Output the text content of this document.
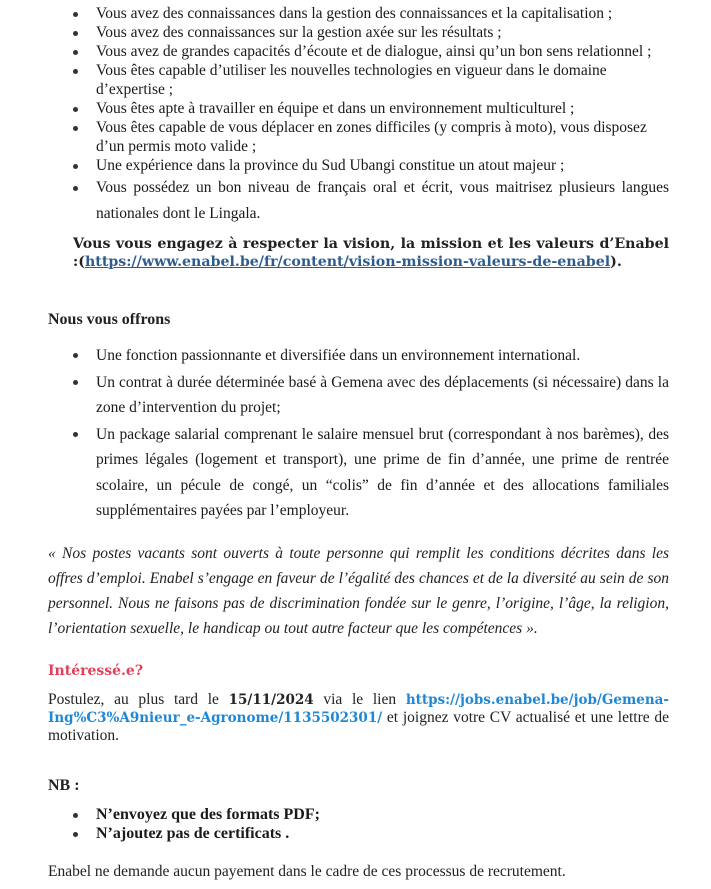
Vous avez des connaissances dans la gestion des connaissances et la capitalisation ;
Vous avez des connaissances sur la gestion axée sur les résultats ;
Vous avez de grandes capacités d’écoute et de dialogue, ainsi qu’un bon sens relationnel ;
Vous êtes capable d’utiliser les nouvelles technologies en vigueur dans le domaine d’expertise ;
Vous êtes apte à travailler en équipe et dans un environnement multiculturel ;
Vous êtes capable de vous déplacer en zones difficiles (y compris à moto), vous disposez d’un permis moto valide ;
Une expérience dans la province du Sud Ubangi constitue un atout majeur ;
Vous possédez un bon niveau de français oral et écrit, vous maitrisez plusieurs langues nationales dont le Lingala.
Vous vous engagez à respecter la vision, la mission et les valeurs d’Enabel :(https://www.enabel.be/fr/content/vision-mission-valeurs-de-enabel).
Nous vous offrons
Une fonction passionnante et diversifiée dans un environnement international.
Un contrat à durée déterminée basé à Gemena avec des déplacements (si nécessaire) dans la zone d’intervention du projet;
Un package salarial comprenant le salaire mensuel brut (correspondant à nos barèmes), des primes légales (logement et transport), une prime de fin d’année, une prime de rentrée scolaire, un pécule de congé, un “colis” de fin d’année et des allocations familiales supplémentaires payées par l’employeur.
« Nos postes vacants sont ouverts à toute personne qui remplit les conditions décrites dans les offres d’emploi. Enabel s’engage en faveur de l’égalité des chances et de la diversité au sein de son personnel. Nous ne faisons pas de discrimination fondée sur le genre, l’origine, l’âge, la religion, l’orientation sexuelle, le handicap ou tout autre facteur que les compétences ».
Intéressé.e?
Postulez, au plus tard le 15/11/2024 via le lien https://jobs.enabel.be/job/Gemena-Ing%C3%A9nieur_e-Agronome/1135502301/ et joignez votre CV actualisé et une lettre de motivation.
NB :
N’envoyez que des formats PDF;
N’ajoutez pas de certificats .
Enabel ne demande aucun payement dans le cadre de ces processus de recrutement.
